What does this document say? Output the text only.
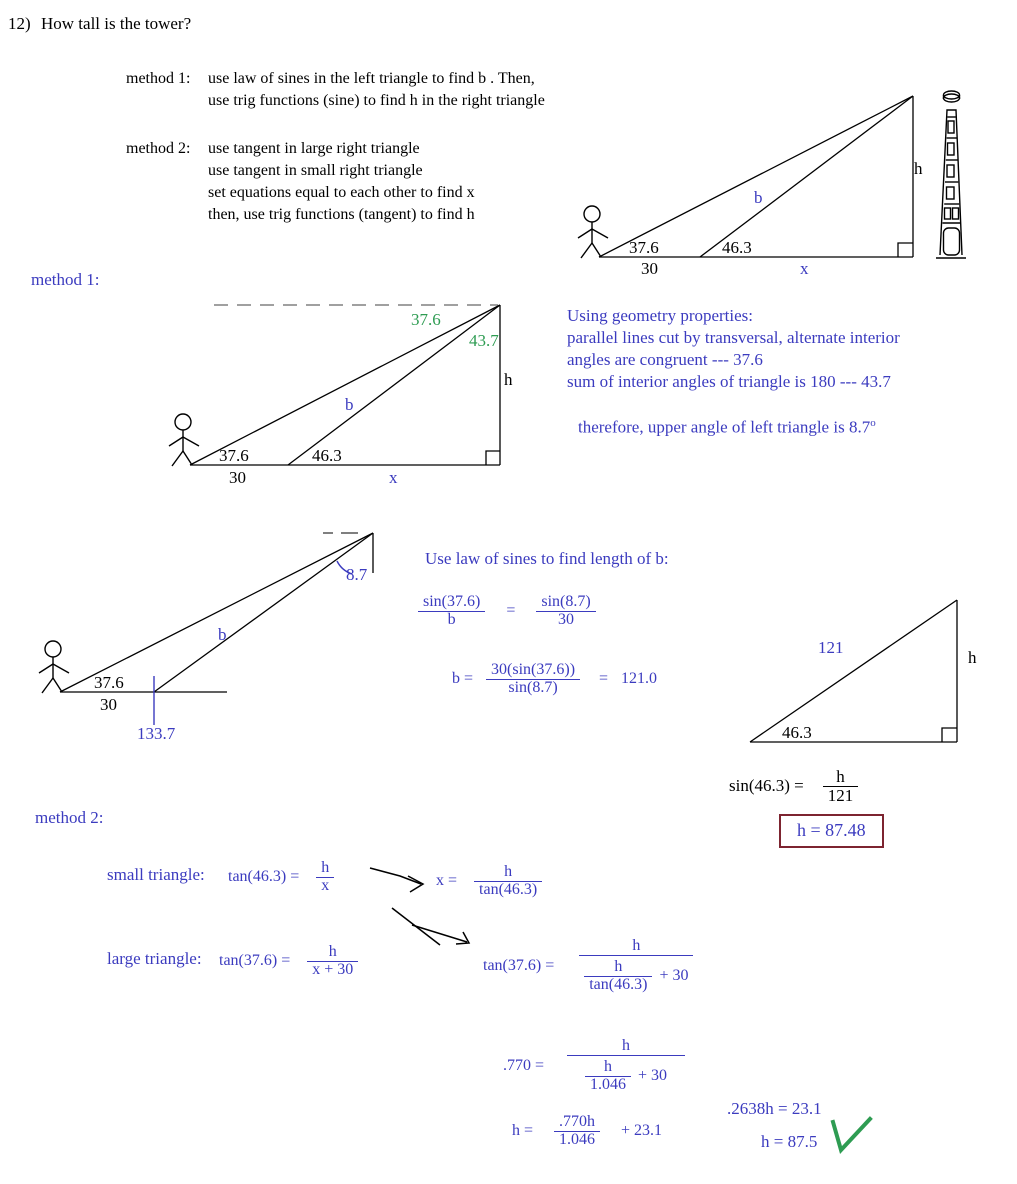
12) How tall is the tower?
method 1: use law of sines in the left triangle to find b . Then,
use trig functions (sine) to find h in the right triangle
method 2: use tangent in large right triangle
use tangent in small right triangle
set equations equal to each other to find x
then, use trig functions (tangent) to find h
37.6	46.3
30	x
b
h
method 1:
37.6
43.7
37.6	46.3
30	x
b
h
Using geometry properties:
parallel lines cut by transversal, alternate interior
angles are congruent --- 37.6
sum of interior angles of triangle is 180 --- 43.7
therefore, upper angle of left triangle is 8.7$^o$
8.7
37.6
30
133.7
b
Use law of sines to find length of b:
$\frac{\sin(37.6)}{b}$	=	$\frac{\sin(8.7)}{30}$
$b = \frac{30(\sin(37.6))}{\sin(8.7)} = 121.0$
121
46.3
h
$\sin(46.3) = \frac{h}{121}$
h = 87.48
method 2:
small triangle: $\tan(46.3) = \frac{h}{x}$	$x = \frac{h}{\tan(46.3)}$
large triangle: $\tan(37.6) = \frac{h}{x + 30}$	$\tan(37.6) = \frac{h}{\frac{h}{\tan(46.3)} + 30}$
$.770 = \frac{h}{\frac{h}{1.046} + 30}$
$h = \frac{.770h}{1.046} + 23.1$
.2638h = 23.1
h = 87.5
